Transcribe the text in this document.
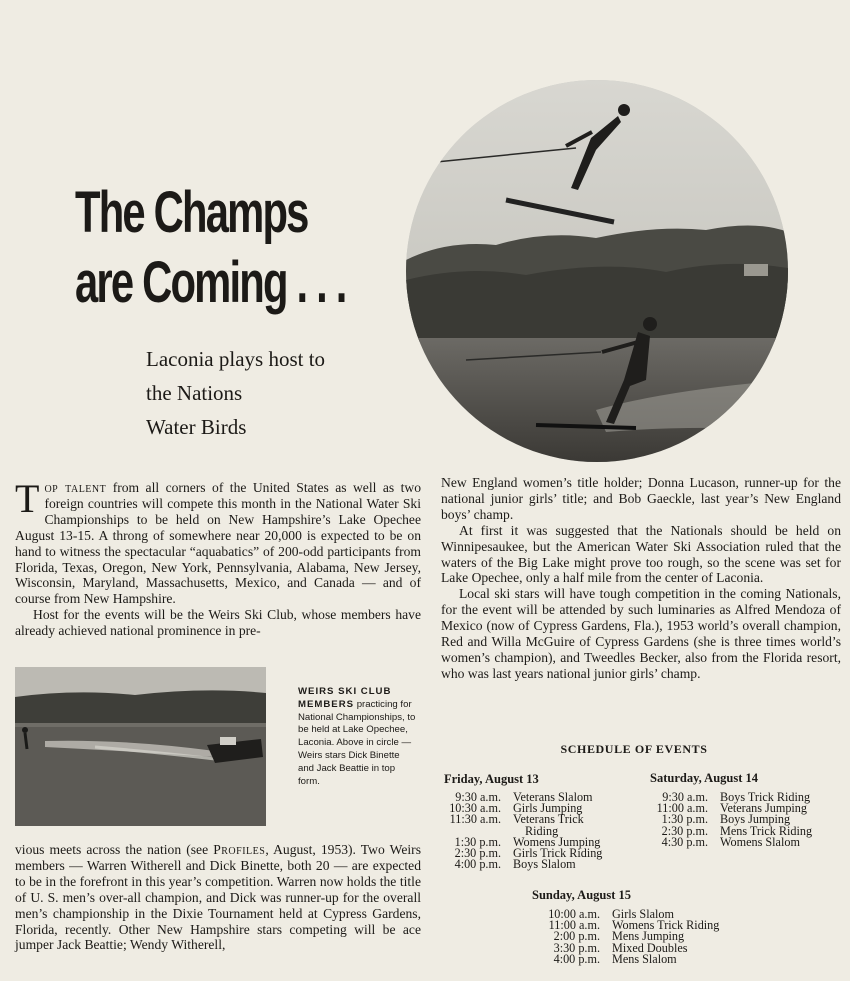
The Champs
are Coming . . .
Laconia plays host to
the Nations
Water Birds

Top talent from all corners of the United States as well as two foreign countries will compete this month in the National Water Ski Championships to be held on New Hampshire’s Lake Opechee August 13-15. A throng of somewhere near 20,000 is expected to be on hand to witness the spectacular “aquabatics” of 200-odd participants from Florida, Texas, Oregon, New York, Pennsylvania, Alabama, New Jersey, Wisconsin, Maryland, Massachusetts, Mexico, and Canada — and of course from New Hampshire.

Host for the events will be the Weirs Ski Club, whose members have already achieved national prominence in pre-

WEIRS SKI CLUB MEMBERS practicing for National Championships, to be held at Lake Opechee, Laconia. Above in circle —Weirs stars Dick Binette and Jack Beattie in top form.

vious meets across the nation (see Profiles, August, 1953). Two Weirs members — Warren Witherell and Dick Binette, both 20 — are expected to be in the forefront in this year’s competition. Warren now holds the title of U. S. men’s over-all champion, and Dick was runner-up for the overall men’s championship in the Dixie Tournament held at Cypress Gardens, Florida, recently. Other New Hampshire stars competing will be ace jumper Jack Beattie; Wendy Witherell,

New England women’s title holder; Donna Lucason, runner-up for the national junior girls’ title; and Bob Gaeckle, last year’s New England boys’ champ.

At first it was suggested that the Nationals should be held on Winnipesaukee, but the American Water Ski Association ruled that the waters of the Big Lake might prove too rough, so the scene was set for Lake Opechee, only a half mile from the center of Laconia.

Local ski stars will have tough competition in the coming Nationals, for the event will be attended by such luminaries as Alfred Mendoza of Mexico (now of Cypress Gardens, Fla.), 1953 world’s overall champion, Red and Willa McGuire of Cypress Gardens (she is three times world’s women’s champion), and Tweedles Becker, also from the Florida resort, who was last years national junior girls’ champ.

SCHEDULE OF EVENTS
Friday, August 13
9:30 a.m. Veterans Slalom
10:30 a.m. Girls Jumping
11:30 a.m. Veterans Trick
Riding
1:30 p.m. Womens Jumping
2:30 p.m. Girls Trick Riding
4:00 p.m. Boys Slalom
Saturday, August 14
9:30 a.m. Boys Trick Riding
11:00 a.m. Veterans Jumping
1:30 p.m. Boys Jumping
2:30 p.m. Mens Trick Riding
4:30 p.m. Womens Slalom
Sunday, August 15
10:00 a.m. Girls Slalom
11:00 a.m. Womens Trick Riding
2:00 p.m. Mens Jumping
3:30 p.m. Mixed Doubles
4:00 p.m. Mens Slalom
